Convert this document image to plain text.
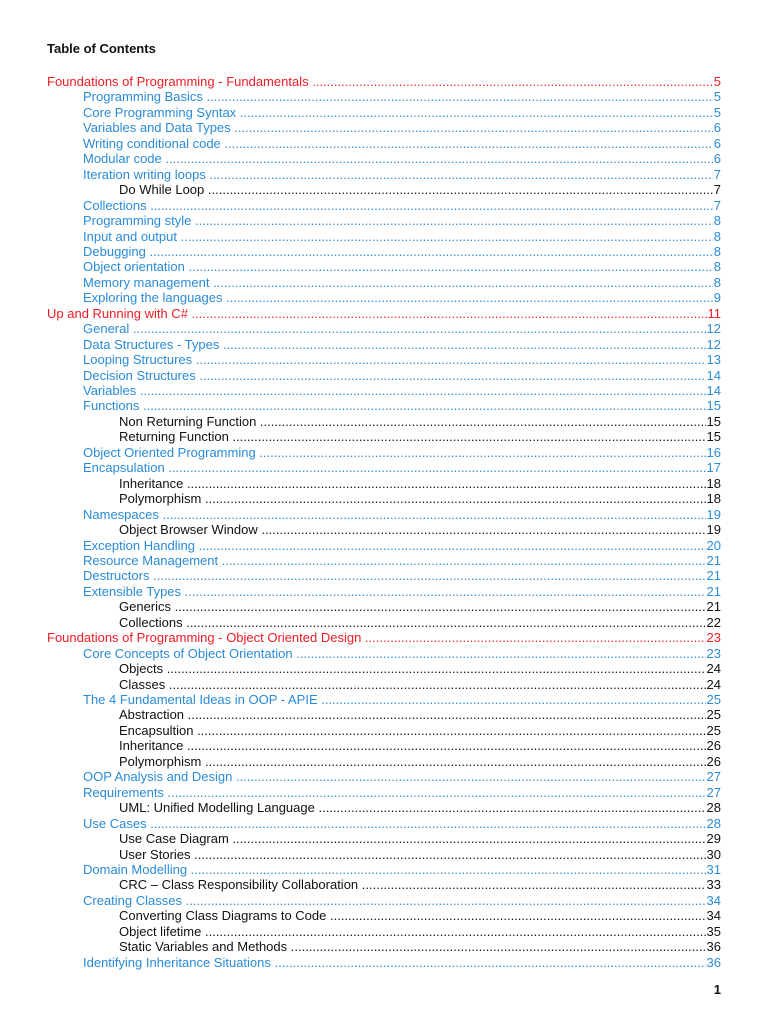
Table of Contents
Foundations of Programming - Fundamentals .....	5
Programming Basics .....	5
Core Programming Syntax .....	5
Variables and Data Types .....	6
Writing conditional code .....	6
Modular code .....	6
Iteration writing loops .....	7
Do While Loop .....	7
Collections .....	7
Programming style .....	8
Input and output .....	8
Debugging .....	8
Object orientation .....	8
Memory management .....	8
Exploring the languages .....	9
Up and Running with C# .....	11
General .....	12
Data Structures - Types .....	12
Looping Structures .....	13
Decision Structures .....	14
Variables .....	14
Functions .....	15
Non Returning Function .....	15
Returning Function .....	15
Object Oriented Programming .....	16
Encapsulation .....	17
Inheritance .....	18
Polymorphism .....	18
Namespaces .....	19
Object Browser Window .....	19
Exception Handling .....	20
Resource Management .....	21
Destructors .....	21
Extensible Types .....	21
Generics .....	21
Collections .....	22
Foundations of Programming - Object Oriented Design .....	23
Core Concepts of Object Orientation .....	23
Objects .....	24
Classes .....	24
The 4 Fundamental Ideas in OOP - APIE .....	25
Abstraction .....	25
Encapsultion .....	25
Inheritance .....	26
Polymorphism .....	26
OOP Analysis and Design .....	27
Requirements .....	27
UML: Unified Modelling Language .....	28
Use Cases .....	28
Use Case Diagram .....	29
User Stories .....	30
Domain Modelling .....	31
CRC – Class Responsibility Collaboration .....	33
Creating Classes .....	34
Converting Class Diagrams to Code .....	34
Object lifetime .....	35
Static Variables and Methods .....	36
Identifying Inheritance Situations .....	36
1
